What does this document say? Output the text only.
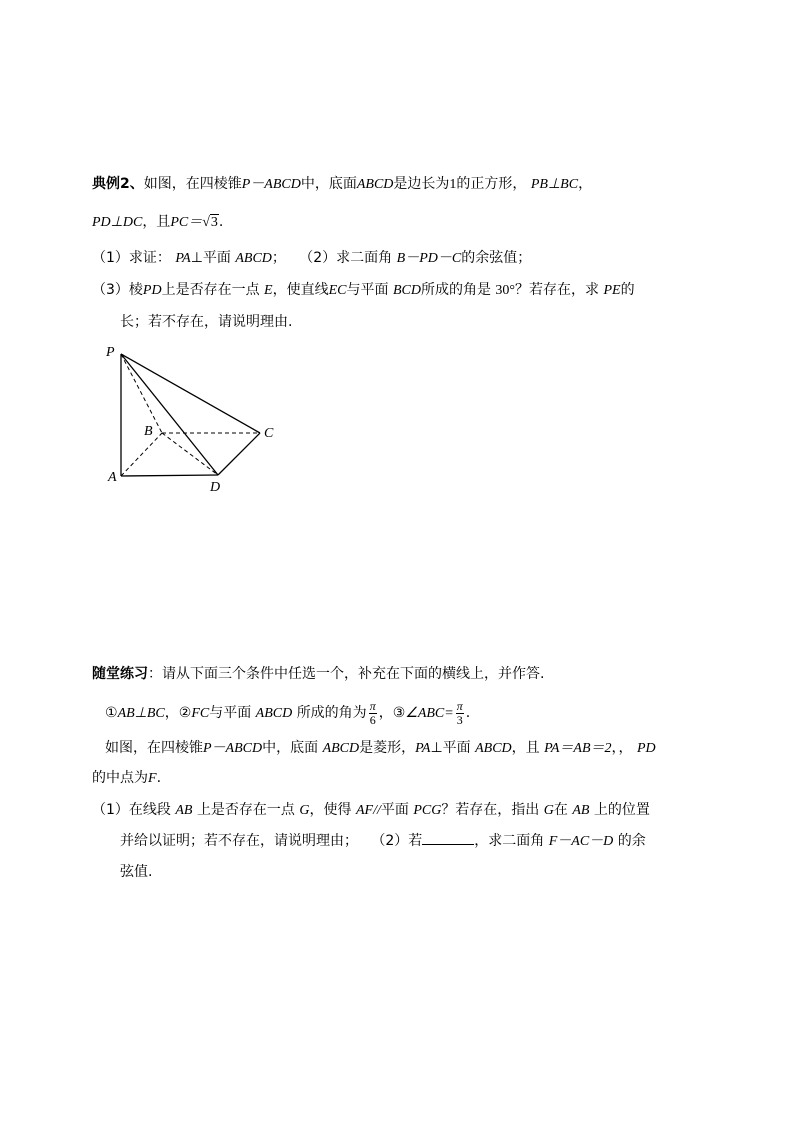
典例2、如图，在四棱锥P－ABCD中，底面ABCD是边长为1的正方形， PB⊥BC，
PD⊥DC，且PC＝√3.
（1）求证： PA⊥平面 ABCD； （2）求二面角 B－PD－C的余弦值；
（3）棱PD上是否存在一点 E，使直线EC与平面 BCD所成的角是 30°？若存在，求 PE的
长；若不存在，请说明理由.
P
B	C
A
D
随堂练习：请从下面三个条件中任选一个，补充在下面的横线上，并作答.
①AB⊥BC，②FC与平面 ABCD 所成的角为 $\frac{\pi}{6}$ ，③∠ABC= $\frac{\pi}{3}$ .
如图，在四棱锥P－ABCD中，底面 ABCD是菱形，PA⊥平面 ABCD，且 PA＝AB＝2，， PD
的中点为F.
（1）在线段 AB 上是否存在一点 G，使得 AF//平面 PCG？若存在，指出 G在 AB 上的位置
并给以证明；若不存在，请说明理由； （2）若	，求二面角 F－AC－D 的余
弦值.
